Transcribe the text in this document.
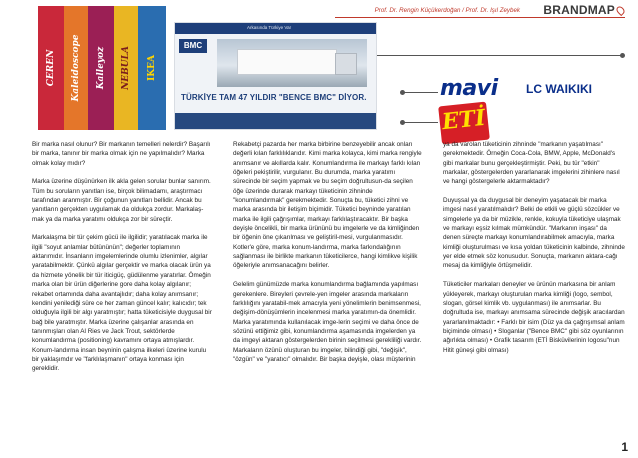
Prof. Dr. Rengin Küçükerdoğan / Prof. Dr. Işıl Zeybek BRANDMAP
CEREN Kaleidoscope Kalleyoz NEBULA IKEA
Arkasında Türkiye Var
BMC
TÜRKİYE TAM 47 YILDIR "BENCE BMC" DİYOR.	mavi LC WAIKIKI
ETİ

Bir marka nasıl olunur? Bir markanın temelleri nelerdir? Başarılı bir marka, tanınır bir marka olmak için ne yapılmalıdır? Marka olmak kolay mıdır?

Marka üzerine düşünürken ilk akla gelen sorular bunlar sanırım. Tüm bu soruların yanıtları ise, birçok bilimadamı, araştırmacı tarafından aranmıştır. Bir çoğunun yanıtları bellidir. Ancak bu yanıtların gerçekten uygulamak da oldukça zordur. Markalaş-mak ya da marka yaratımı oldukça zor bir süreçtir.

Markalaşma bir tür çekim gücü ile ilgilidir; yaratılacak marka ile ilgili "soyut anlamlar bütününün"; değerler toplamının aktarımıdır. İnsanların imgelemlerinde olumlu izlenimler, algılar yaratabilmektir. Çünkü algılar gerçektir ve marka olacak ürün ya da hizmete yönelik bir tür iticigüç, güdülenme yaratırlar. Ömeğin marka olan bir ürün diğerlerine gore daha kolay algılanır; rekabet ortamında daha avantajlıdır; daha kolay anımsanır; kendini yenilediği süre ce her zaman güncel kalır; kalıcıdır; tek olduğuyla ilgili bir algı yaratmıştır; hatta tüketicisiyle duygusal bir bağ bile yaratmıştır. Marka üzerine çalışanlar arasında en tanınmışları olan Al Ries ve Jack Trout, sektörlerde konumlandırma (positioning) kavramını ortaya atmışlardır. Konum-landırma insan beyninin çalışma ilkeleri üzerine kurulu bir yaklaşımdır ve "farklılaşmanın" ortaya konması için gereklidir.

Rekabetçi pazarda her marka birbirine benzeyebilir ancak onları değerli kılan farklılıklarıdır. Kimi marka kolayca, kimi marka rengiyle anımsanır ve akıllarda kalır. Konumlandırma ile markayı farklı kılan öğeleri pekiştirilir, vurgulanır. Bu durumda, marka yaratımı sürecinde bir seçim yapmak ve bu seçim doğrultusun-da seçilen öğe üzerinde durarak markayı tüketicinin zihninde "konumlandırmak" gerekmektedir. Sonuçta bu, tüketici zihni ve marka arasında bir iletişim biçimidir. Tüketici beyninde yaratılan marka ile ilgili çağrışımlar, markayı farklılaştıracaktır. Bir başka deyişle öncelikli, bir marka ürününü bu imgelerle ve da kimliğinden bir öğenin öne çıkarılması ve geliştiril-mesi, vurgulanmasıdır. Kotler'e göre, marka konum-landırma, marka farkındalığının sağlanması ile birlikte markanın tüketicilerce, hangi kimlikve kişilik öğeleriyle anımsanacağını belirler.

Gelelim günümüzde marka konumlandırma bağlamında yapılması gerekenlere. Bireyleri çevrele-yen imgeler arasında markaların farklılığını yaratabil-mek amacıyla yeni yönelimlerin benimsenmesi, değişim-dönüşümlerin incelenmesi marka yaratımın-da önemlidir. Marka yaratımında kullanılacak imge-lerin seçimi ve daha önce de sözünü ettiğimiz gibi, konumlandırma aşamasında imgelerden ya da imgeyi aktaran göstergelerden birinin seçilmesi gerekliliği vardır. Markaların özünü oluşturan bu imgeler, bilindiği gibi, "değişik", "özgün" ve "yaratıcı" olmalıdır. Bir başka deyişle, olası müşterinin

ya da varolan tüketicinin zihninde "markanın yaşatılması" gerekmektedir. Örneğin Coca-Cola, BMW, Apple, McDonald's gibi markalar bunu gerçekleştirmiştir. Peki, bu tür "etkin" markalar, göstergelerden yararlanarak imgelerini zihinlere nasıl ve hangi göstergelerle aktarmaktadır?

Duyuşsal ya da duygusal bir deneyim yaşatacak bir marka imgesi nasıl yaratılmalıdır? Belki de etkili ve güçlü sözcükler ve simgelerle ya da bir müzikle, renkle, kokuyla tüketiciye ulaşmak ve markayı eşsiz kılmak mümkündür. "Markanın inşası" da denen süreçte markayı konumlandırabilmek amacıyla, marka kimliği oluşturulması ve kısa yoldan tüketicinin kalbinde, zihninde yer elde etmek söz konusudur. Sonuçta, markanın aktara-cağı mesaj da kimliğiyle örtüşmelidir.

Tüketiciler markaları deneyler ve ürünün markasına bir anlam yükleyerek, markayı oluşturulan marka kimliği (logo, sembol, slogan, görsel kimlik vb. uygulanması) ile anımsarlar. Bu doğrultuda ise, markayı anımsama sürecinde değişik aracılardan yararlanılmaktadır: • Farklı bir isim (Düz ya da çağrışımsal anlam biçiminde olması) • Sloganlar ("Bence BMC" gibi söz oyunlarının ağırlıkta olması) • Grafik tasarım (ETİ Bisküvilerinin logosu"nun Hitit güneşi gibi olması)

1
